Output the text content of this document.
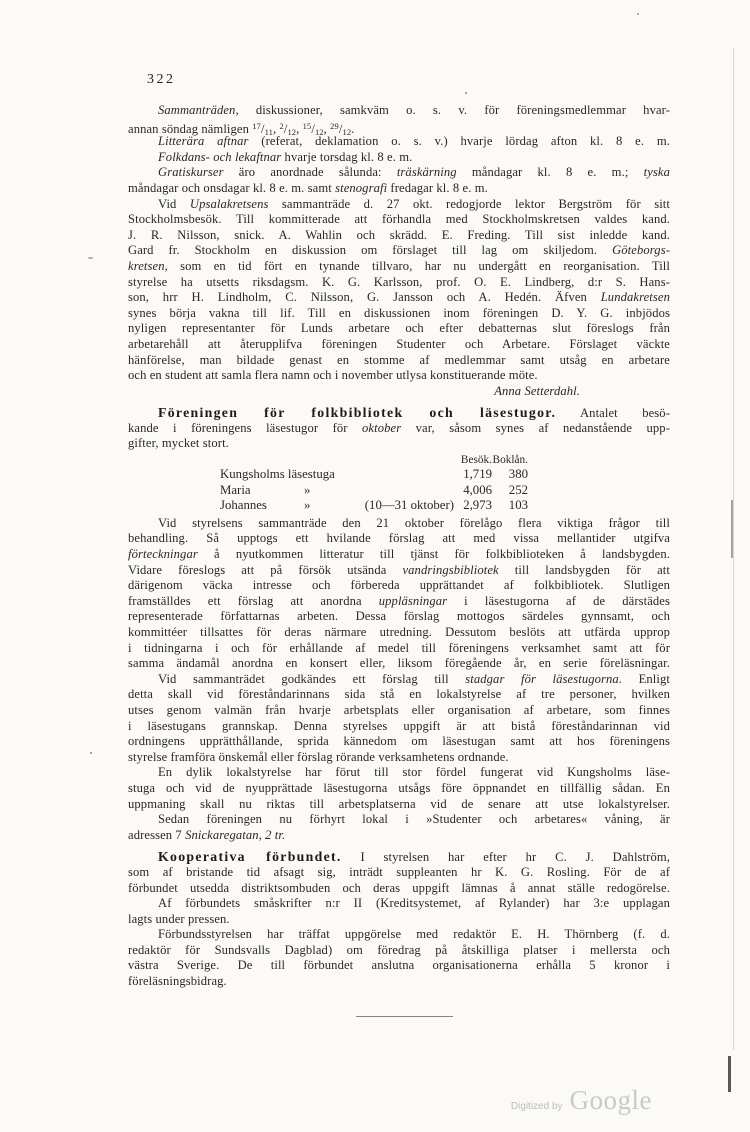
322
Sammanträden, diskussioner, samkväm o. s. v. för föreningsmedlemmar hvar-
annan söndag nämligen $^{17}$/11, $^2$/12, $^{15}$/12, $^{29}$/12.
Litterära aftnar (referat, deklamation o. s. v.) hvarje lördag afton kl. 8 e. m.
Folkdans- och lekaftnar hvarje torsdag kl. 8 e. m.
Gratiskurser äro anordnade sålunda: träskärning måndagar kl. 8 e. m.; tyska
måndagar och onsdagar kl. 8 e. m. samt stenografi fredagar kl. 8 e. m.
Vid Upsalakretsens sammanträde d. 27 okt. redogjorde lektor Bergström för sitt
Stockholmsbesök. Till kommitterade att förhandla med Stockholmskretsen valdes kand.
J. R. Nilsson, snick. A. Wahlin och skrädd. E. Freding. Till sist inledde kand.
Gard fr. Stockholm en diskussion om förslaget till lag om skiljedom. Göteborgs-
kretsen, som en tid fört en tynande tillvaro, har nu undergått en reorganisation. Till
styrelse ha utsetts riksdagsm. K. G. Karlsson, prof. O. E. Lindberg, d:r S. Hans-
son, hrr H. Lindholm, C. Nilsson, G. Jansson och A. Hedén. Äfven Lundakretsen
synes börja vakna till lif. Till en diskussionen inom föreningen D. Y. G. inbjödos
nyligen representanter för Lunds arbetare och efter debatternas slut föreslogs från
arbetarehåll att återupplifva föreningen Studenter och Arbetare. Förslaget väckte
hänförelse, man bildade genast en stomme af medlemmar samt utsåg en arbetare
och en student att samla flera namn och i november utlysa konstituerande möte.
Anna Setterdahl.
Föreningen för folkbibliotek och läsestugor. Antalet besö-
kande i föreningens läsestugor för oktober var, såsom synes af nedanstående upp-
gifter, mycket stort.
Besök. Boklån.
Kungsholms läsestuga	1,719	380
Maria	»	4,006	252
Johannes	»	(10—31 oktober) 2,973	103
Vid styrelsens sammanträde den 21 oktober förelågo flera viktiga frågor till
behandling. Så upptogs ett hvilande förslag att med vissa mellantider utgifva
förteckningar å nyutkommen litteratur till tjänst för folkbiblioteken å landsbygden.
Vidare föreslogs att på försök utsända vandringsbibliotek till landsbygden för att
därigenom väcka intresse och förbereda upprättandet af folkbibliotek. Slutligen
framställdes ett förslag att anordna uppläsningar i läsestugorna af de därstädes
representerade författarnas arbeten. Dessa förslag mottogos särdeles gynnsamt, och
kommittéer tillsattes för deras närmare utredning. Dessutom beslöts att utfärda upprop
i tidningarna i och för erhållande af medel till föreningens verksamhet samt att för
samma ändamål anordna en konsert eller, liksom föregående år, en serie föreläsningar.
Vid sammanträdet godkändes ett förslag till stadgar för läsestugorna. Enligt
detta skall vid föreståndarinnans sida stå en lokalstyrelse af tre personer, hvilken
utses genom valmän från hvarje arbetsplats eller organisation af arbetare, som finnes
i läsestugans grannskap. Denna styrelses uppgift är att bistå föreståndarinnan vid
ordningens upprätthållande, sprida kännedom om läsestugan samt att hos föreningens
styrelse framföra önskemål eller förslag rörande verksamhetens ordnande.
En dylik lokalstyrelse har förut till stor fördel fungerat vid Kungsholms läse-
stuga och vid de nyupprättade läsestugorna utsågs före öppnandet en tillfällig sådan. En
uppmaning skall nu riktas till arbetsplatserna vid de senare att utse lokalstyrelser.
Sedan föreningen nu förhyrt lokal i »Studenter och arbetares« våning, är
adressen 7 Snickaregatan, 2 tr.
Kooperativa förbundet. I styrelsen har efter hr C. J. Dahlström,
som af bristande tid afsagt sig, inträdt suppleanten hr K. G. Rosling. För de af
förbundet utsedda distriktsombuden och deras uppgift lämnas å annat ställe redogörelse.
Af förbundets småskrifter n:r II (Kreditsystemet, af Rylander) har 3:e upplagan
lagts under pressen.
Förbundsstyrelsen har träffat uppgörelse med redaktör E. H. Thörnberg (f. d.
redaktör för Sundsvalls Dagblad) om föredrag på åtskilliga platser i mellersta och
västra Sverige. De till förbundet anslutna organisationerna erhålla 5 kronor i
föreläsningsbidrag.
Digitized by Google
